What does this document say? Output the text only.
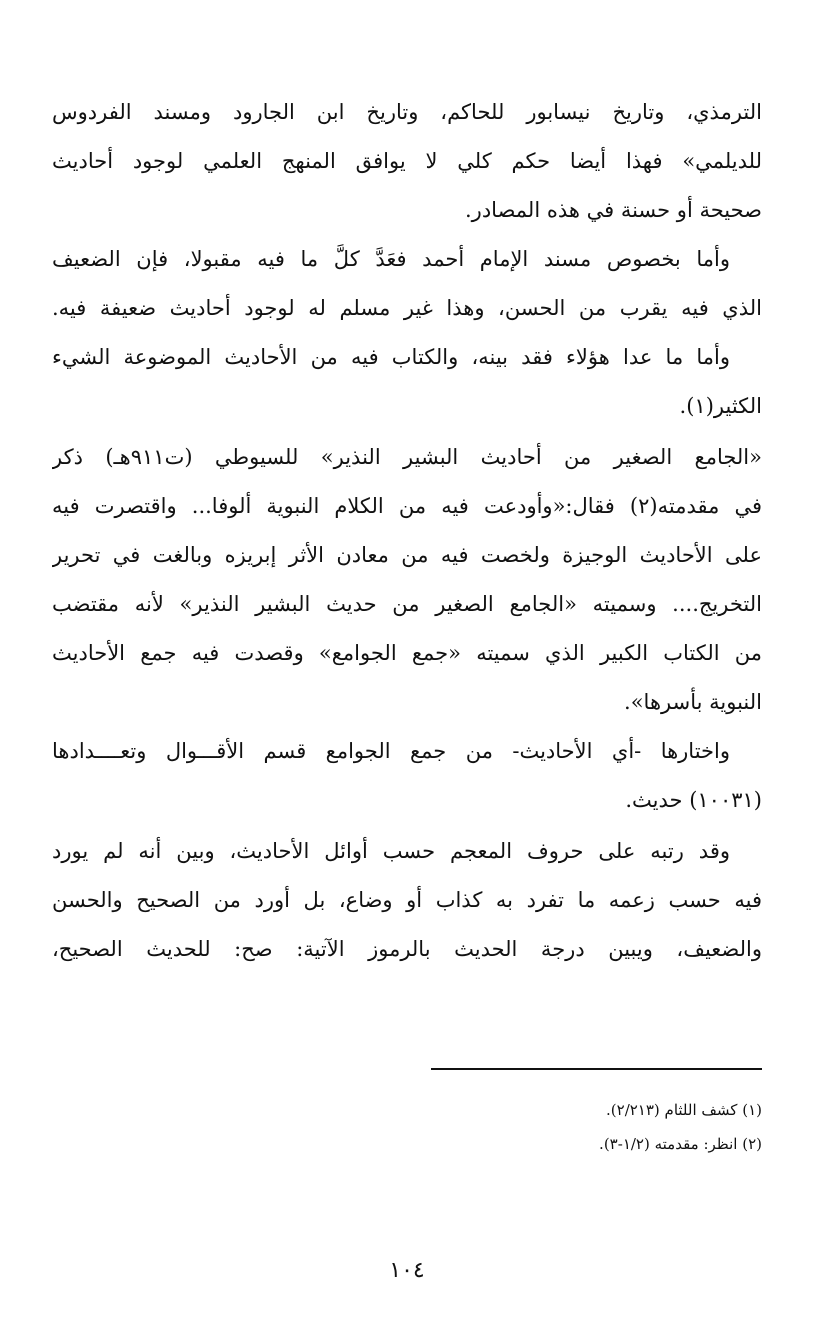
الترمذي، وتاريخ نيسابور للحاكم، وتاريخ ابن الجارود ومسند الفردوس
للديلمي» فهذا أيضا حكم كلي لا يوافق المنهج العلمي لوجود أحاديث
صحيحة أو حسنة في هذه المصادر.
وأما بخصوص مسند الإمام أحمد فعَدَّ كلَّ ما فيه مقبولا، فإن الضعيف
الذي فيه يقرب من الحسن، وهذا غير مسلم له لوجود أحاديث ضعيفة فيه.
وأما ما عدا هؤلاء فقد بينه، والكتاب فيه من الأحاديث الموضوعة الشيء
الكثير(١).
«الجامع الصغير من أحاديث البشير النذير» للسيوطي (ت٩١١هـ) ذكر
في مقدمته(٢) فقال:«وأودعت فيه من الكلام النبوية ألوفا... واقتصرت فيه
على الأحاديث الوجيزة ولخصت فيه من معادن الأثر إبريزه وبالغت في تحرير
التخريج.... وسميته «الجامع الصغير من حديث البشير النذير» لأنه مقتضب
من الكتاب الكبير الذي سميته «جمع الجوامع» وقصدت فيه جمع الأحاديث
النبوية بأسرها».
واختارها -أي الأحاديث- من جمع الجوامع قسم الأقـــوال وتعــــدادها
(١٠٠٣١) حديث.
وقد رتبه على حروف المعجم حسب أوائل الأحاديث، وبين أنه لم يورد
فيه حسب زعمه ما تفرد به كذاب أو وضاع، بل أورد من الصحيح والحسن
والضعيف، ويبين درجة الحديث بالرموز الآتية: صح: للحديث الصحيح،
(١) كشف اللثام (٢/٢١٣).
(٢) انظر: مقدمته (١/٢-٣).
١٠٤
